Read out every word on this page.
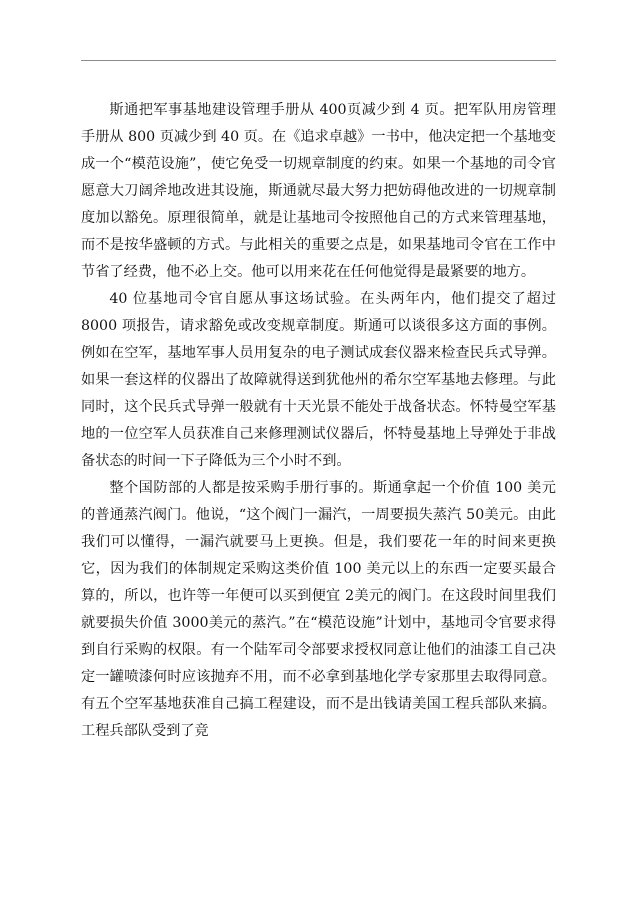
斯通把军事基地建设管理手册从 400页减少到 4 页。把军队用房管理手册从 800 页减少到 40 页。在《追求卓越》一书中，他决定把一个基地变成一个“模范设施”，使它免受一切规章制度的约束。如果一个基地的司令官愿意大刀阔斧地改进其设施，斯通就尽最大努力把妨碍他改进的一切规章制度加以豁免。原理很简单，就是让基地司令按照他自己的方式来管理基地，而不是按华盛顿的方式。与此相关的重要之点是，如果基地司令官在工作中节省了经费，他不必上交。他可以用来花在任何他觉得是最紧要的地方。

40 位基地司令官自愿从事这场试验。在头两年内，他们提交了超过 8000 项报告，请求豁免或改变规章制度。斯通可以谈很多这方面的事例。例如在空军，基地军事人员用复杂的电子测试成套仪器来检查民兵式导弹。如果一套这样的仪器出了故障就得送到犹他州的希尔空军基地去修理。与此同时，这个民兵式导弹一般就有十天光景不能处于战备状态。怀特曼空军基地的一位空军人员获准自己来修理测试仪器后，怀特曼基地上导弹处于非战备状态的时间一下子降低为三个小时不到。

整个国防部的人都是按采购手册行事的。斯通拿起一个价值 100 美元的普通蒸汽阀门。他说，“这个阀门一漏汽，一周要损失蒸汽 50美元。由此我们可以懂得，一漏汽就要马上更换。但是，我们要花一年的时间来更换它，因为我们的体制规定采购这类价值 100 美元以上的东西一定要买最合算的，所以，也许等一年便可以买到便宜 2美元的阀门。在这段时间里我们就要损失价值 3000美元的蒸汽。”在“模范设施”计划中，基地司令官要求得到自行采购的权限。有一个陆军司令部要求授权同意让他们的油漆工自己决定一罐喷漆何时应该抛弃不用，而不必拿到基地化学专家那里去取得同意。有五个空军基地获准自己搞工程建设，而不是出钱请美国工程兵部队来搞。工程兵部队受到了竞
